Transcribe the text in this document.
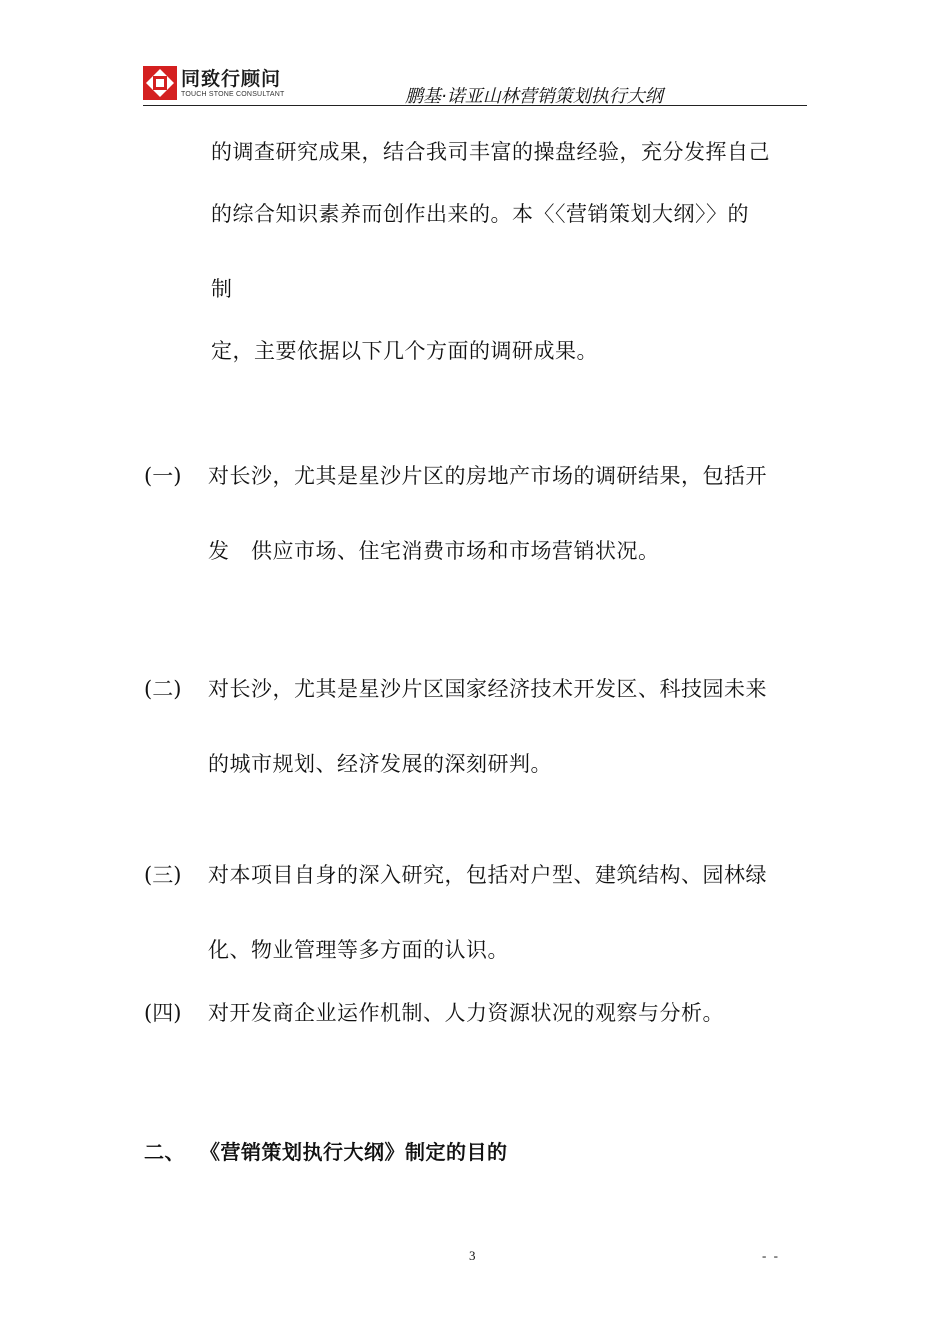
同致行顾问
TOUCH STONE CONSULTANT	鹏基·诺亚山林营销策划执行大纲
的调查研究成果，结合我司丰富的操盘经验，充分发挥自己
的综合知识素养而创作出来的。本〈〈营销策划大纲〉〉的
制
定，主要依据以下几个方面的调研成果。
(一) 对长沙，尤其是星沙片区的房地产市场的调研结果，包括开
发　供应市场、住宅消费市场和市场营销状况。
(二) 对长沙，尤其是星沙片区国家经济技术开发区、科技园未来
的城市规划、经济发展的深刻研判。
(三) 对本项目自身的深入研究，包括对户型、建筑结构、园林绿
化、物业管理等多方面的认识。
(四) 对开发商企业运作机制、人力资源状况的观察与分析。
二、 《营销策划执行大纲》制定的目的
3	- -
